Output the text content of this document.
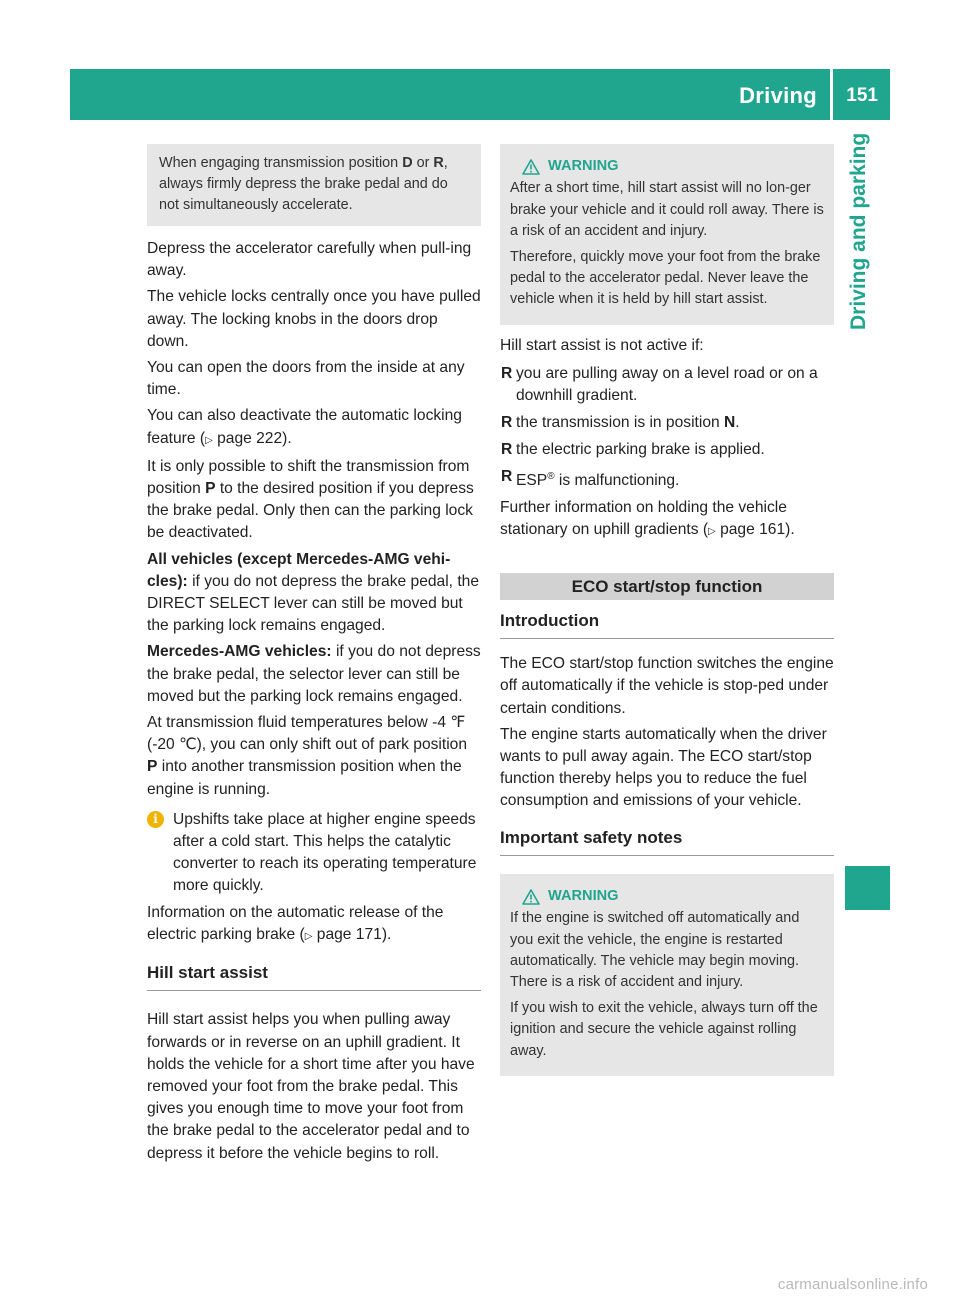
Driving 151
Driving and parking
When engaging transmission position D or R, always firmly depress the brake pedal and do not simultaneously accelerate.

Depress the accelerator carefully when pull-ing away.

The vehicle locks centrally once you have pulled away. The locking knobs in the doors drop down.

You can open the doors from the inside at any time.

You can also deactivate the automatic locking feature (▷ page 222).

It is only possible to shift the transmission from position P to the desired position if you depress the brake pedal. Only then can the parking lock be deactivated.

All vehicles (except Mercedes-AMG vehi-cles): if you do not depress the brake pedal, the DIRECT SELECT lever can still be moved but the parking lock remains engaged.

Mercedes-AMG vehicles: if you do not depress the brake pedal, the selector lever can still be moved but the parking lock remains engaged.

At transmission fluid temperatures below -4 ℉ (-20 ℃), you can only shift out of park position P into another transmission position when the engine is running.

i Upshifts take place at higher engine speeds after a cold start. This helps the catalytic converter to reach its operating temperature more quickly.

Information on the automatic release of the electric parking brake (▷ page 171).

Hill start assist

Hill start assist helps you when pulling away forwards or in reverse on an uphill gradient. It holds the vehicle for a short time after you have removed your foot from the brake pedal. This gives you enough time to move your foot from the brake pedal to the accelerator pedal and to depress it before the vehicle begins to roll.

WARNING
After a short time, hill start assist will no lon-ger brake your vehicle and it could roll away. There is a risk of an accident and injury.
Therefore, quickly move your foot from the brake pedal to the accelerator pedal. Never leave the vehicle when it is held by hill start assist.

Hill start assist is not active if:

R you are pulling away on a level road or on a downhill gradient.
R the transmission is in position N.
R the electric parking brake is applied.
R ESP® is malfunctioning.

Further information on holding the vehicle stationary on uphill gradients (▷ page 161).

ECO start/stop function
Introduction

The ECO start/stop function switches the engine off automatically if the vehicle is stop-ped under certain conditions.

The engine starts automatically when the driver wants to pull away again. The ECO start/stop function thereby helps you to reduce the fuel consumption and emissions of your vehicle.

Important safety notes
WARNING
If the engine is switched off automatically and you exit the vehicle, the engine is restarted automatically. The vehicle may begin moving. There is a risk of accident and injury.
If you wish to exit the vehicle, always turn off the ignition and secure the vehicle against rolling away.
carmanualsonline.info
